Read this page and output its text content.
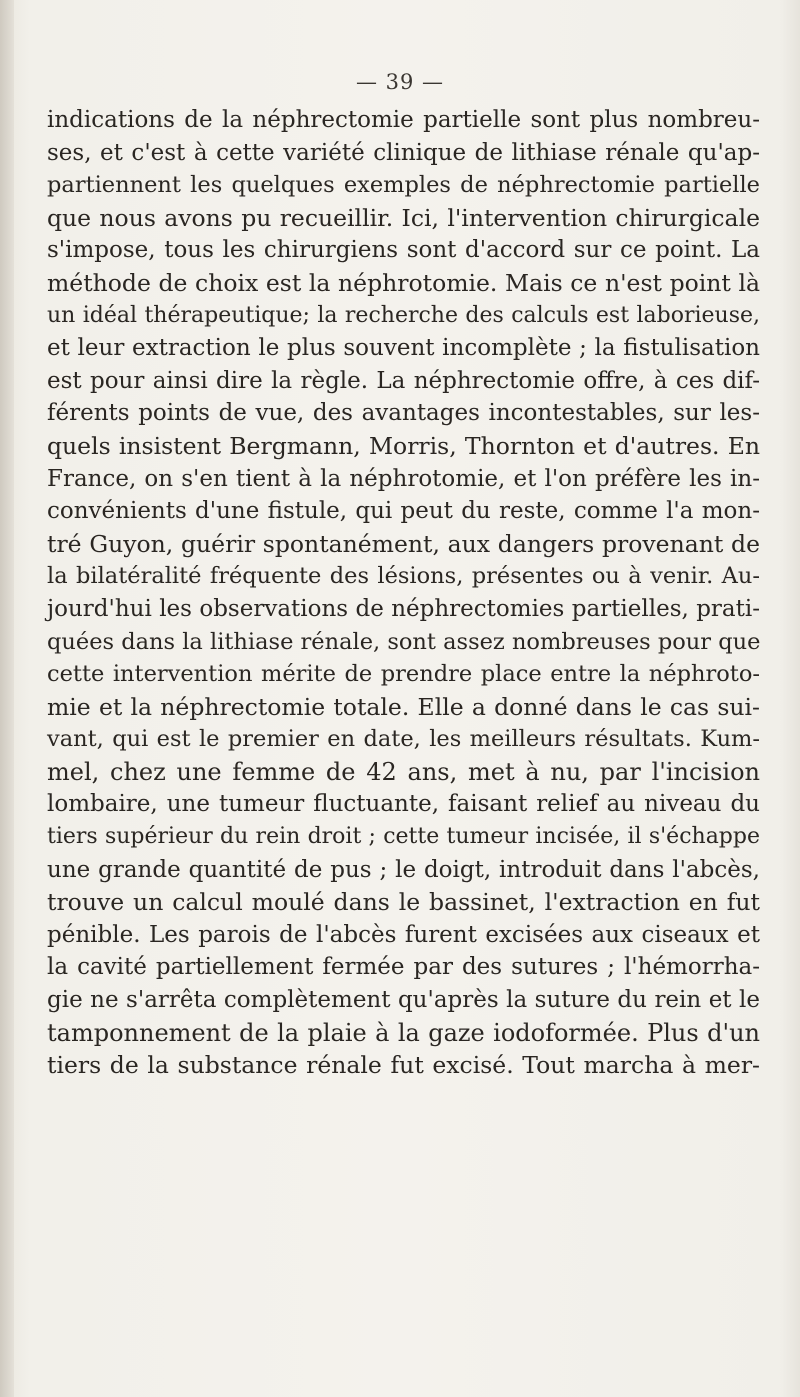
— 39 —
indications de la néphrectomie partielle sont plus nombreu-
ses, et c'est à cette variété clinique de lithiase rénale qu'ap-
partiennent les quelques exemples de néphrectomie partielle
que nous avons pu recueillir. Ici, l'intervention chirurgicale
s'impose, tous les chirurgiens sont d'accord sur ce point. La
méthode de choix est la néphrotomie. Mais ce n'est point là
un idéal thérapeutique; la recherche des calculs est laborieuse,
et leur extraction le plus souvent incomplète ; la fistulisation
est pour ainsi dire la règle. La néphrectomie offre, à ces dif-
férents points de vue, des avantages incontestables, sur les-
quels insistent Bergmann, Morris, Thornton et d'autres. En
France, on s'en tient à la néphrotomie, et l'on préfère les in-
convénients d'une fistule, qui peut du reste, comme l'a mon-
tré Guyon, guérir spontanément, aux dangers provenant de
la bilatéralité fréquente des lésions, présentes ou à venir. Au-
jourd'hui les observations de néphrectomies partielles, prati-
quées dans la lithiase rénale, sont assez nombreuses pour que
cette intervention mérite de prendre place entre la néphroto-
mie et la néphrectomie totale. Elle a donné dans le cas sui-
vant, qui est le premier en date, les meilleurs résultats. Kum-
mel, chez une femme de 42 ans, met à nu, par l'incision
lombaire, une tumeur fluctuante, faisant relief au niveau du
tiers supérieur du rein droit ; cette tumeur incisée, il s'échappe
une grande quantité de pus ; le doigt, introduit dans l'abcès,
trouve un calcul moulé dans le bassinet, l'extraction en fut
pénible. Les parois de l'abcès furent excisées aux ciseaux et
la cavité partiellement fermée par des sutures ; l'hémorrha-
gie ne s'arrêta complètement qu'après la suture du rein et le
tamponnement de la plaie à la gaze iodoformée. Plus d'un
tiers de la substance rénale fut excisé. Tout marcha à mer-
